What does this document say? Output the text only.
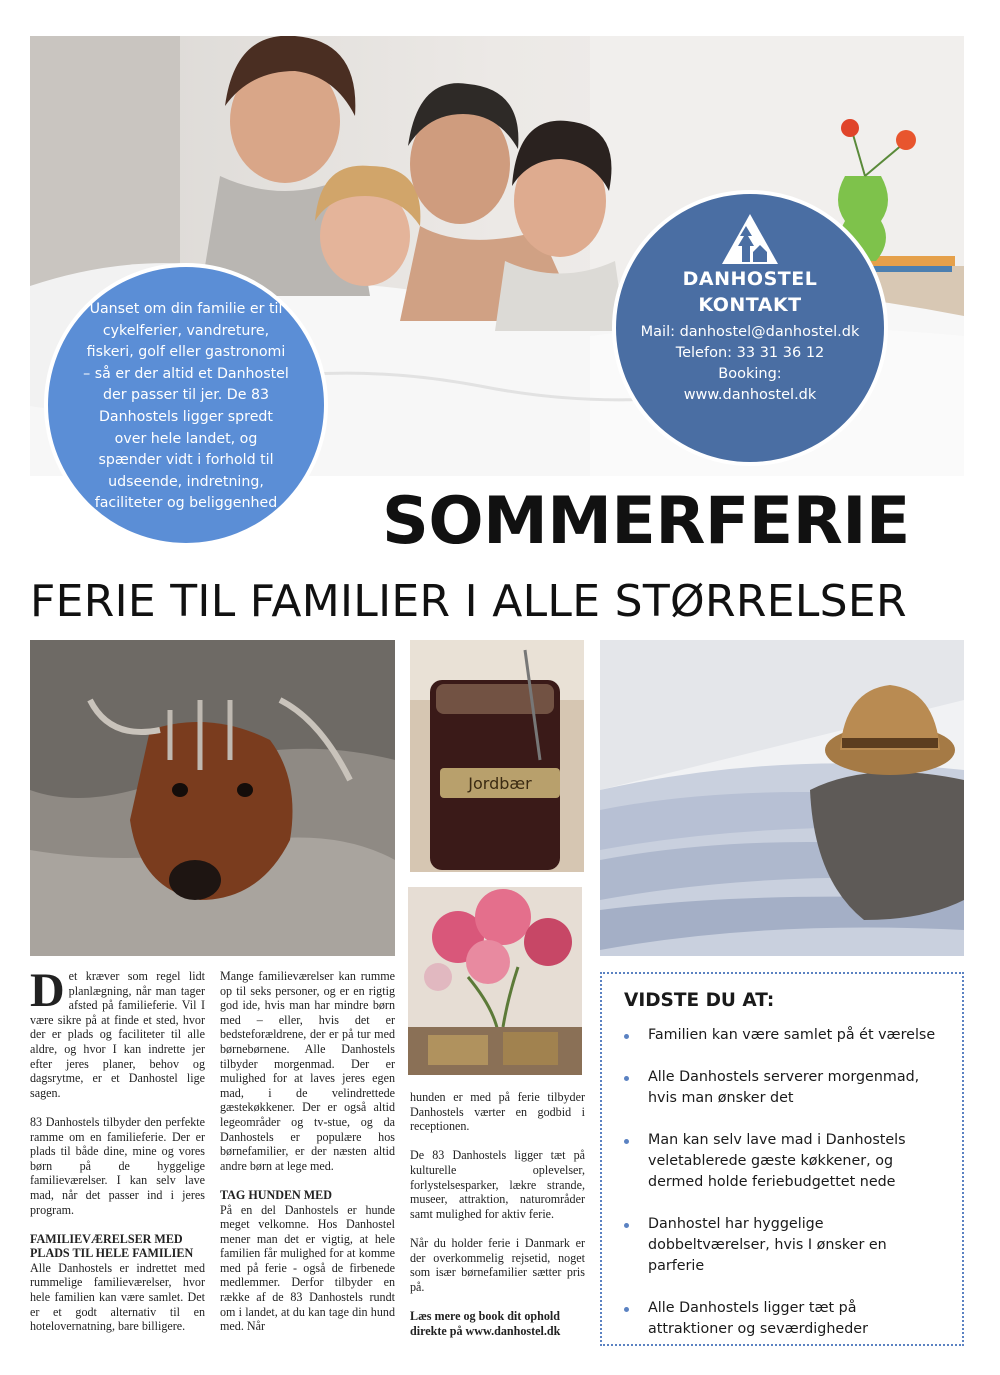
Uanset om din familie er til cykelferier, vandreture, fiskeri, golf eller gastronomi – så er der altid et Danhostel der passer til jer. De 83 Danhostels ligger spredt over hele landet, og spænder vidt i forhold til udseende, indretning, faciliteter og beliggenhed

DANHOSTEL
KONTAKT
Mail: danhostel@danhostel.dk
Telefon: 33 31 36 12
Booking:
www.danhostel.dk
SOMMERFERIE
FERIE TIL FAMILIER I ALLE STØRRELSER
Jordbær

Det kræver som regel lidt planlægning, når man tager afsted på familieferie. Vil I være sikre på at finde et sted, hvor der er plads og faciliteter til alle aldre, og hvor I kan indrette jer efter jeres planer, behov og dagsrytme, er et Danhostel lige sagen.

83 Danhostels tilbyder den perfekte ramme om en familieferie. Der er plads til både dine, mine og vores børn på de hyggelige familieværelser. I kan selv lave mad, når det passer ind i jeres program.

FAMILIEVÆRELSER MED PLADS TIL HELE FAMILIEN

Alle Danhostels er indrettet med rummelige familieværelser, hvor hele familien kan være samlet. Det er et godt alternativ til en hotelovernatning, bare billigere.

Mange familieværelser kan rumme op til seks personer, og er en rigtig god ide, hvis man har mindre børn med – eller, hvis det er bedsteforældrene, der er på tur med børnebørnene. Alle Danhostels tilbyder morgenmad. Der er mulighed for at laves jeres egen mad, i de velindrettede gæstekøkkener. Der er også altid legeområder og tv-stue, og da Danhostels er populære hos børnefamilier, er der næsten altid andre børn at lege med.

TAG HUNDEN MED

På en del Danhostels er hunde meget velkomne. Hos Danhostel mener man det er vigtig, at hele familien får mulighed for at komme med på ferie - også de firbenede medlemmer. Derfor tilbyder en række af de 83 Danhostels rundt om i landet, at du kan tage din hund med. Når

hunden er med på ferie tilbyder Danhostels værter en godbid i receptionen.

De 83 Danhostels ligger tæt på kulturelle oplevelser, forlystelsesparker, lækre strande, museer, attraktion, naturområder samt mulighed for aktiv ferie.

Når du holder ferie i Danmark er der overkommelig rejsetid, noget som især børnefamilier sætter pris på.

Læs mere og book dit ophold direkte på www.danhostel.dk

VIDSTE DU AT:
Familien kan være samlet på ét værelse
Alle Danhostels serverer morgenmad, hvis man ønsker det
Man kan selv lave mad i Danhostels veletablerede gæste køkkener, og dermed holde feriebudgettet nede
Danhostel har hyggelige dobbeltværelser, hvis I ønsker en parferie
Alle Danhostels ligger tæt på attraktioner og seværdigheder
